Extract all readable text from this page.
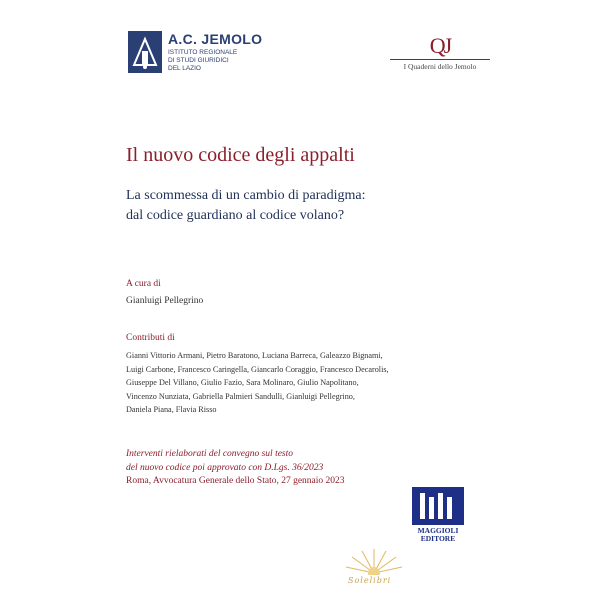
A.C. JEMOLO
ISTITUTO REGIONALE
DI STUDI GIURIDICI
DEL LAZIO
QJ
I Quaderni dello Jemolo
Il nuovo codice degli appalti
La scommessa di un cambio di paradigma:
dal codice guardiano al codice volano?
A cura di
Gianluigi Pellegrino
Contributi di
Gianni Vittorio Armani, Pietro Baratono, Luciana Barreca, Galeazzo Bignami,
Luigi Carbone, Francesco Caringella, Giancarlo Coraggio, Francesco Decarolis,
Giuseppe Del Villano, Giulio Fazio, Sara Molinaro, Giulio Napolitano,
Vincenzo Nunziata, Gabriella Palmieri Sandulli, Gianluigi Pellegrino,
Daniela Piana, Flavia Risso
Interventi rielaborati del convegno sul testo
del nuovo codice poi approvato con D.Lgs. 36/2023
Roma, Avvocatura Generale dello Stato, 27 gennaio 2023
Solelibri
MAGGIOLI
EDITORE
